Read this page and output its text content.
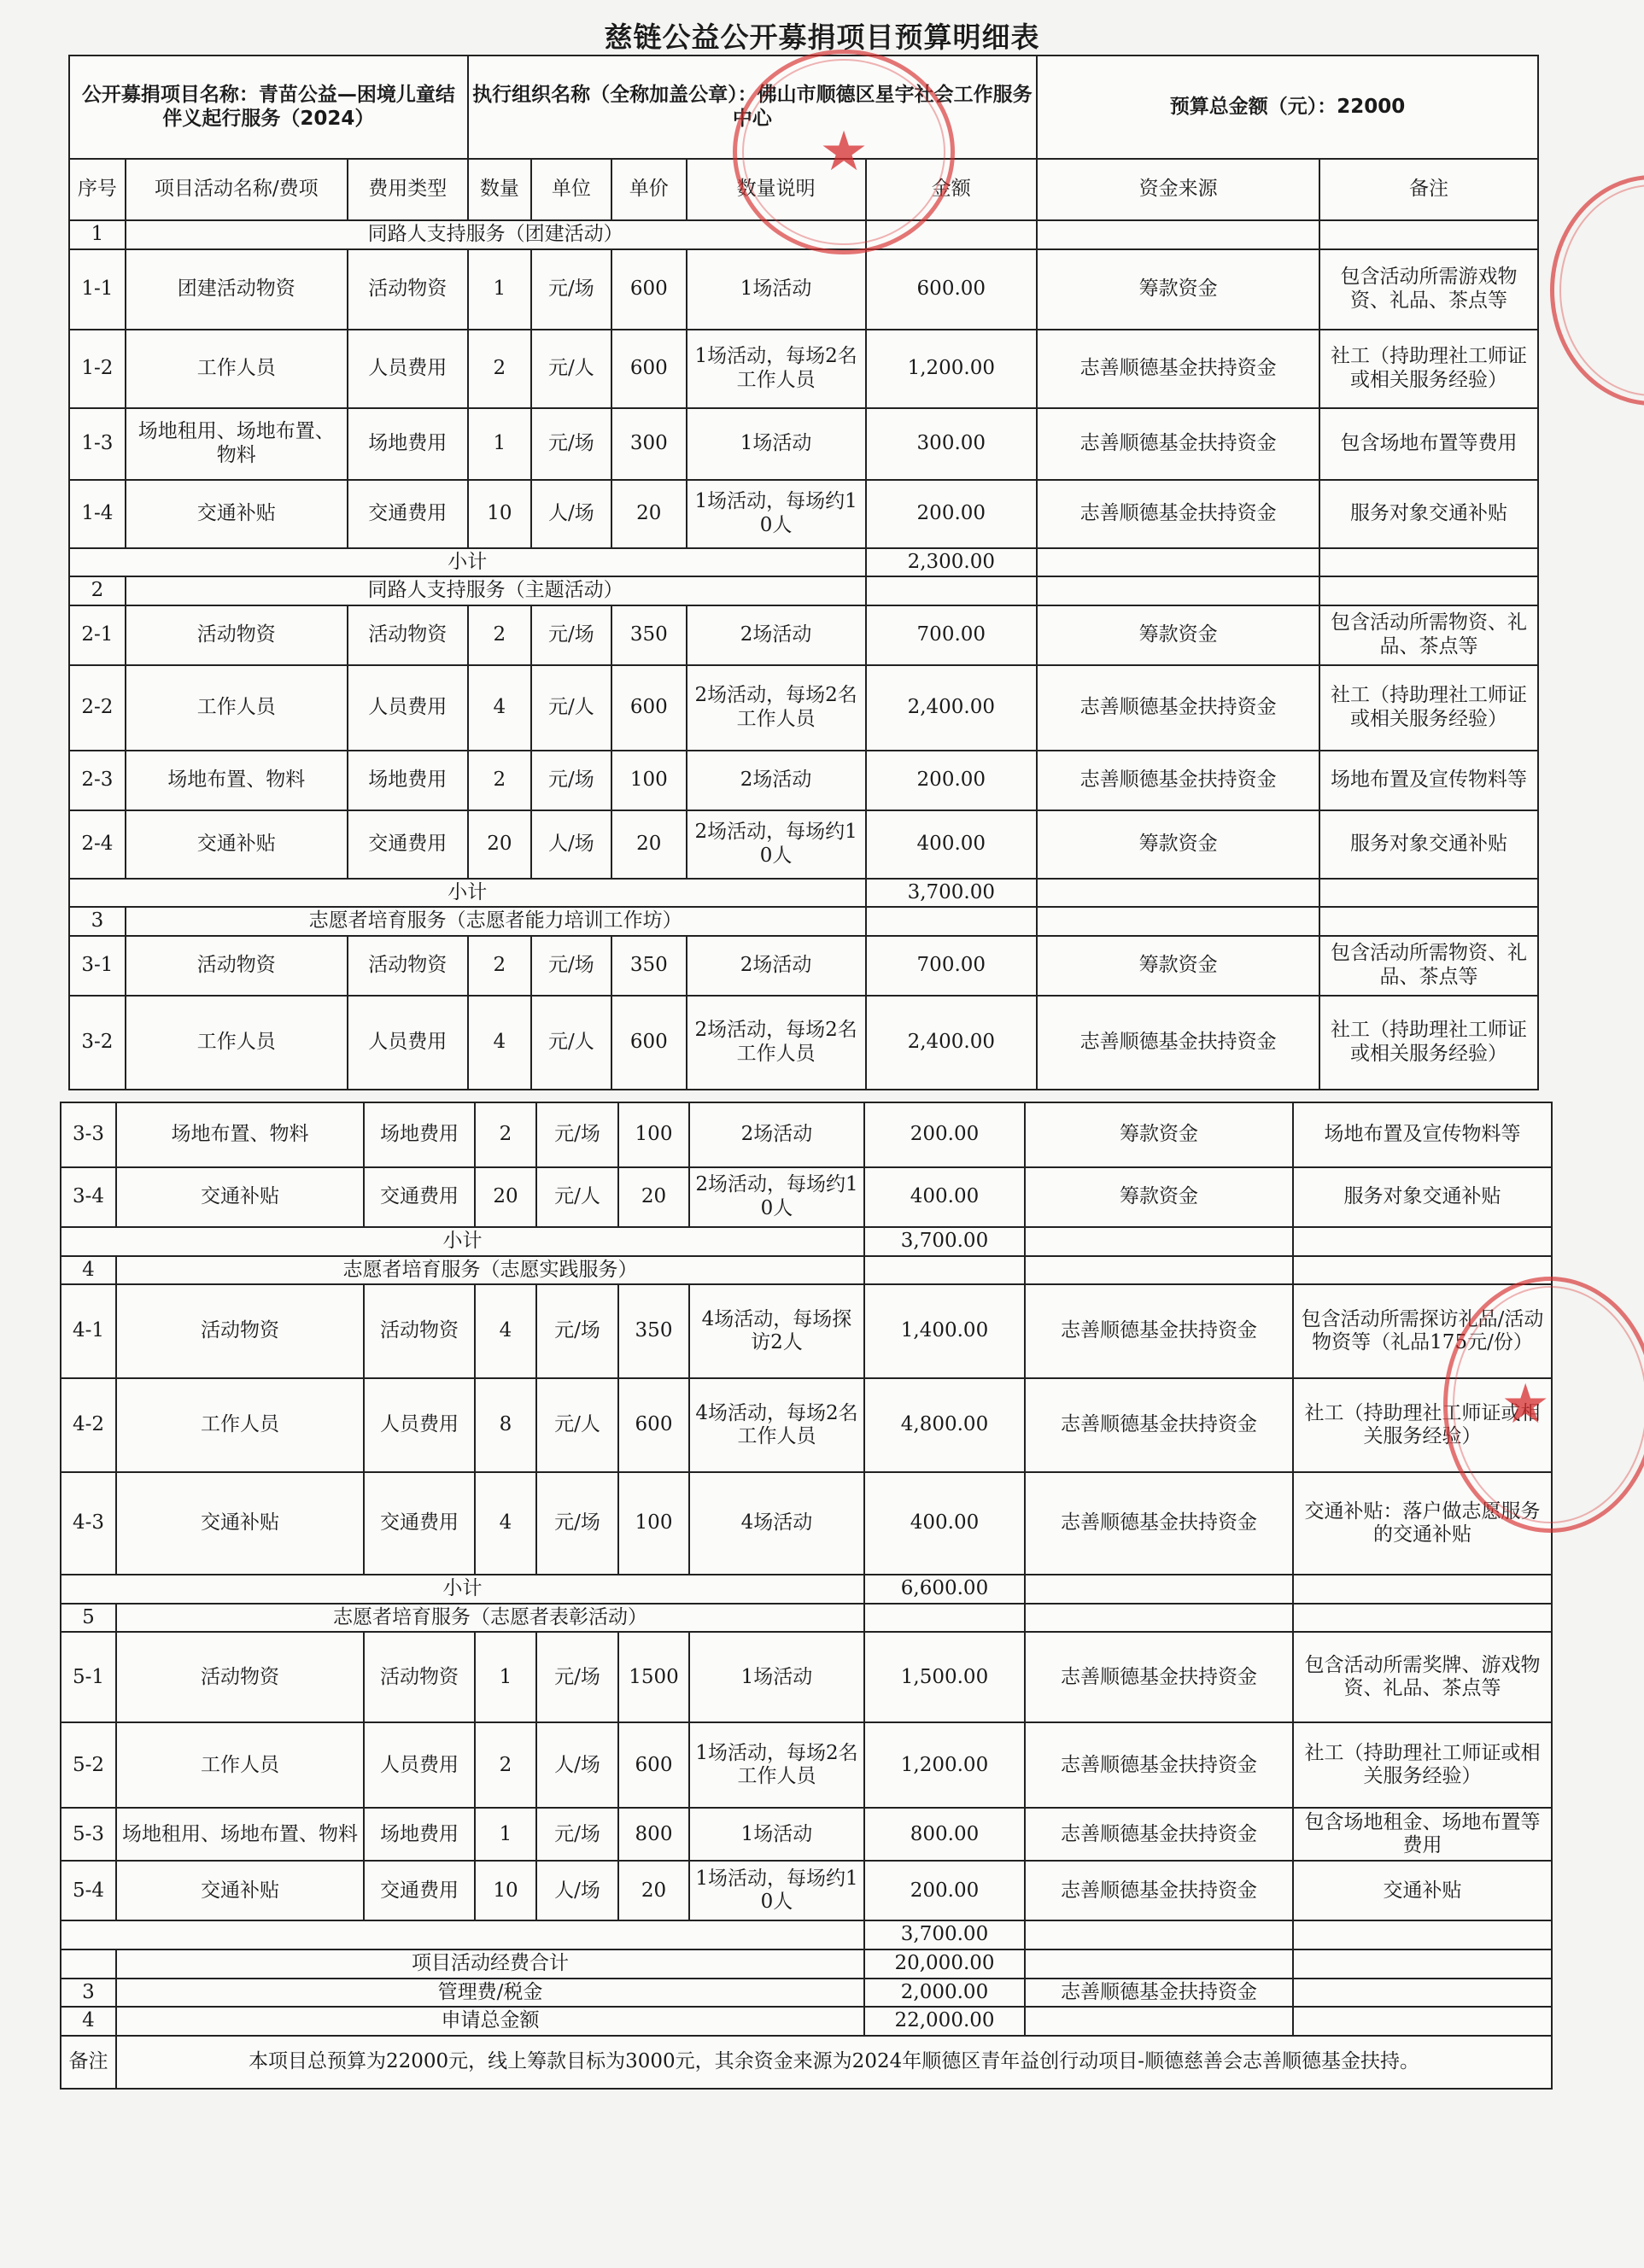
慈链公益公开募捐项目预算明细表
公开募捐项目名称：青苗公益—困境儿童结伴义起行服务（2024）			执行组织名称（全称加盖公章）：佛山市顺德区星宇社会工作服务中心					预算总金额（元）：22000	
序号	项目活动名称/费项	费用类型	数量	单位	单价	数量说明	金额	资金来源	备注
1	同路人支持服务（团建活动）								
1-1	团建活动物资	活动物资	1	元/场	600	1场活动	600.00	筹款资金	包含活动所需游戏物资、礼品、茶点等
1-2	工作人员	人员费用	2	元/人	600	1场活动，每场2名工作人员	1,200.00	志善顺德基金扶持资金	社工（持助理社工师证或相关服务经验）
1-3	场地租用、场地布置、物料	场地费用	1	元/场	300	1场活动	300.00	志善顺德基金扶持资金	包含场地布置等费用
1-4	交通补贴	交通费用	10	人/场	20	1场活动，每场约10人	200.00	志善顺德基金扶持资金	服务对象交通补贴
小计							2,300.00		
2	同路人支持服务（主题活动）								
2-1	活动物资	活动物资	2	元/场	350	2场活动	700.00	筹款资金	包含活动所需物资、礼品、茶点等
2-2	工作人员	人员费用	4	元/人	600	2场活动，每场2名工作人员	2,400.00	志善顺德基金扶持资金	社工（持助理社工师证或相关服务经验）
2-3	场地布置、物料	场地费用	2	元/场	100	2场活动	200.00	志善顺德基金扶持资金	场地布置及宣传物料等
2-4	交通补贴	交通费用	20	人/场	20	2场活动，每场约10人	400.00	筹款资金	服务对象交通补贴
小计							3,700.00		
3	志愿者培育服务（志愿者能力培训工作坊）								
3-1	活动物资	活动物资	2	元/场	350	2场活动	700.00	筹款资金	包含活动所需物资、礼品、茶点等
3-2	工作人员	人员费用	4	元/人	600	2场活动，每场2名工作人员	2,400.00	志善顺德基金扶持资金	社工（持助理社工师证或相关服务经验）
3-3	场地布置、物料	场地费用	2	元/场	100	2场活动	200.00	筹款资金	场地布置及宣传物料等
3-4	交通补贴	交通费用	20	元/人	20	2场活动，每场约10人	400.00	筹款资金	服务对象交通补贴
小计							3,700.00		
4	志愿者培育服务（志愿实践服务）								
4-1	活动物资	活动物资	4	元/场	350	4场活动，每场探访2人	1,400.00	志善顺德基金扶持资金	包含活动所需探访礼品/活动物资等（礼品175元/份）
4-2	工作人员	人员费用	8	元/人	600	4场活动，每场2名工作人员	4,800.00	志善顺德基金扶持资金	社工（持助理社工师证或相关服务经验）
4-3	交通补贴	交通费用	4	元/场	100	4场活动	400.00	志善顺德基金扶持资金	交通补贴：落户做志愿服务的交通补贴
小计							6,600.00		
5	志愿者培育服务（志愿者表彰活动）								
5-1	活动物资	活动物资	1	元/场	1500	1场活动	1,500.00	志善顺德基金扶持资金	包含活动所需奖牌、游戏物资、礼品、茶点等
5-2	工作人员	人员费用	2	人/场	600	1场活动，每场2名工作人员	1,200.00	志善顺德基金扶持资金	社工（持助理社工师证或相关服务经验）
5-3	场地租用、场地布置、物料	场地费用	1	元/场	800	1场活动	800.00	志善顺德基金扶持资金	包含场地租金、场地布置等费用
5-4	交通补贴	交通费用	10	人/场	20	1场活动，每场约10人	200.00	志善顺德基金扶持资金	交通补贴
							3,700.00		
	项目活动经费合计						20,000.00		
3	管理费/税金						2,000.00	志善顺德基金扶持资金	
4	申请总金额						22,000.00		
备注	本项目总预算为22000元，线上筹款目标为3000元，其余资金来源为2024年顺德区青年益创行动项目-顺德慈善会志善顺德基金扶持。								
★
★
